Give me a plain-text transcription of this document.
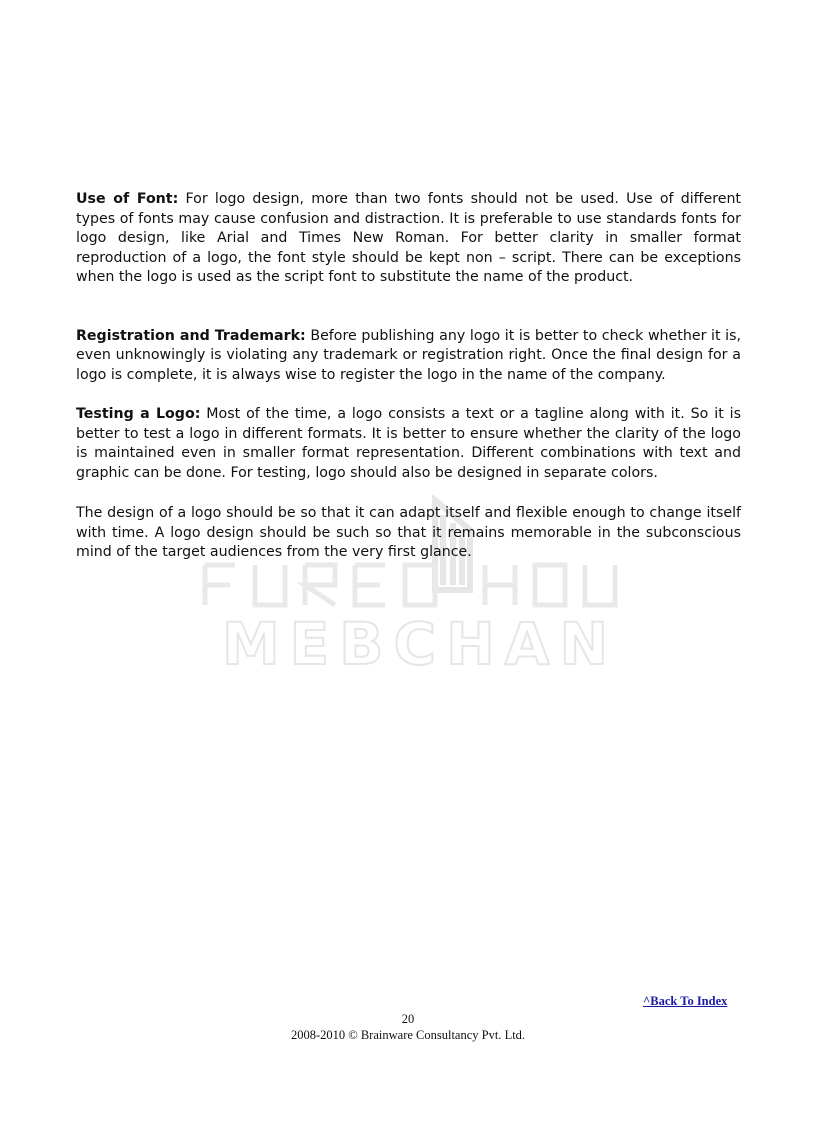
MEBCHAN

Use of Font: For logo design, more than two fonts should not be used. Use of different types of fonts may cause confusion and distraction. It is preferable to use standards fonts for logo design, like Arial and Times New Roman. For better clarity in smaller format reproduction of a logo, the font style should be kept non – script. There can be exceptions when the logo is used as the script font to substitute the name of the product.

Registration and Trademark: Before publishing any logo it is better to check whether it is, even unknowingly is violating any trademark or registration right. Once the final design for a logo is complete, it is always wise to register the logo in the name of the company.

Testing a Logo: Most of the time, a logo consists a text or a tagline along with it. So it is better to test a logo in different formats. It is better to ensure whether the clarity of the logo is maintained even in smaller format representation. Different combinations with text and graphic can be done. For testing, logo should also be designed in separate colors.

The design of a logo should be so that it can adapt itself and flexible enough to change itself with time. A logo design should be such so that it remains memorable in the subconscious mind of the target audiences from the very first glance.

^Back To Index
20
2008-2010 © Brainware Consultancy Pvt. Ltd.
